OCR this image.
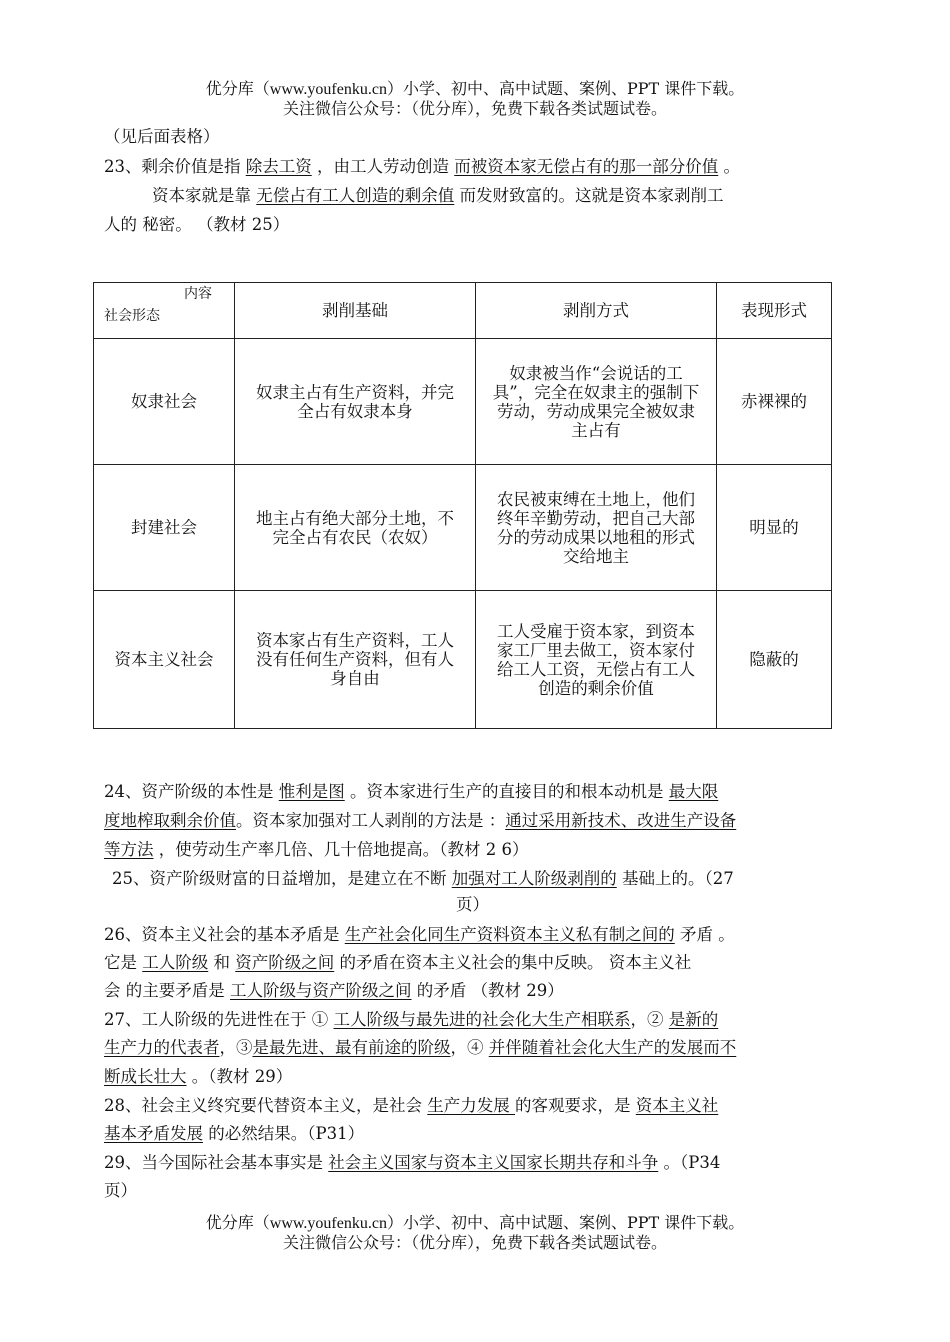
优分库（www.youfenku.cn）小学、初中、高中试题、案例、PPT 课件下载。
关注微信公众号：（优分库），免费下载各类试题试卷。
（见后面表格）
23、剩余价值是指 除去工资 ，由工人劳动创造 而被资本家无偿占有的那一部分价值 。
资本家就是靠 无偿占有工人创造的剩余值 而发财致富的。这就是资本家剥削工
人的 秘密。 （教材 25）
内容
社会形态	剥削基础	剥削方式	表现形式
奴隶社会	奴隶主占有生产资料，并完全占有奴隶本身	奴隶被当作“会说话的工具”，完全在奴隶主的强制下劳动，劳动成果完全被奴隶主占有	赤裸裸的
封建社会	地主占有绝大部分土地，不完全占有农民（农奴）	农民被束缚在土地上，他们终年辛勤劳动，把自己大部分的劳动成果以地租的形式交给地主	明显的
资本主义社会	资本家占有生产资料，工人没有任何生产资料，但有人身自由	工人受雇于资本家，到资本家工厂里去做工，资本家付给工人工资，无偿占有工人创造的剩余价值	隐蔽的
24、资产阶级的本性是 惟利是图 。资本家进行生产的直接目的和根本动机是 最大限
度地榨取剩余价值。资本家加强对工人剥削的方法是 ：通过采用新技术、改进生产设备
等方法 ，使劳动生产率几倍、几十倍地提高。（教材 2 6）
25、资产阶级财富的日益增加，是建立在不断 加强对工人阶级剥削的 基础上的。（27
页）
26、资本主义社会的基本矛盾是 生产社会化同生产资料资本主义私有制之间的 矛盾 。
它是 工人阶级 和 资产阶级之间 的矛盾在资本主义社会的集中反映。 资本主义社
会 的主要矛盾是 工人阶级与资产阶级之间 的矛盾 （教材 29）
27、工人阶级的先进性在于 ① 工人阶级与最先进的社会化大生产相联系，② 是新的
生产力的代表者，③是最先进、最有前途的阶级，④ 并伴随着社会化大生产的发展而不
断成长壮大 。（教材 29）
28、社会主义终究要代替资本主义，是社会 生产力发展 的客观要求，是 资本主义社
基本矛盾发展 的必然结果。（P31）
29、当今国际社会基本事实是 社会主义国家与资本主义国家长期共存和斗争 。（P34
页）
优分库（www.youfenku.cn）小学、初中、高中试题、案例、PPT 课件下载。
关注微信公众号：（优分库），免费下载各类试题试卷。
